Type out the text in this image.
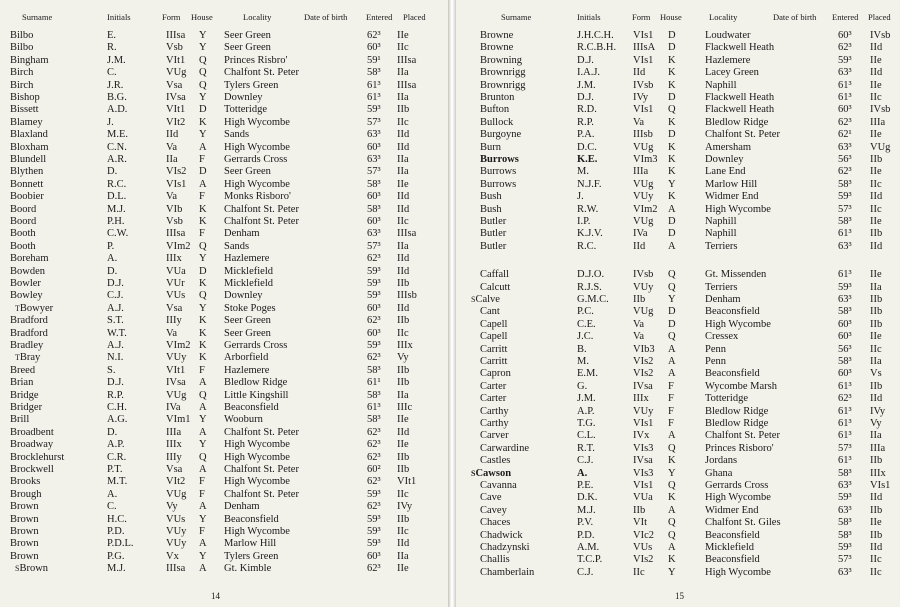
Surname	Initials	Form House	Locality	Date of birth Entered Placed
Bilbo	E.	IIIsa Y Seer Green	62³ IIe
Bilbo	R.	Vsb Y Seer Green	60³ IIc
Bingham	J.M.	VIt1 Q Princes Risbro'	59¹ IIIsa
Birch	C.	VUg Q Chalfont St. Peter	58³ IIa
Birch	J.R.	Vsa Q Tylers Green	61³ IIIsa
Bishop	B.G.	IVsa Y Downley	61³ IIa
Bissett	A.D.	VIt1 D Totteridge	59³ IIb
Blamey	J.	VIt2 K High Wycombe	57³ IIc
Blaxland	M.E.	IId Y Sands	63³ IId
Bloxham	C.N.	Va A High Wycombe	60³ IId
Blundell	A.R.	IIa F Gerrards Cross	63³ IIa
Blythen	D.	VIs2 D Seer Green	57³ IIa
Bonnett	R.C.	VIs1 A High Wycombe	58³ IIe
Boobier	D.L.	Va F Monks Risboro'	60³ IId
Boord	M.J.	VIb K Chalfont St. Peter	58³ IId
Boord	P.H.	Vsb K Chalfont St. Peter	60³ IIc
Booth	C.W.	IIIsa F Denham	63³ IIIsa
Booth	P.	VIm2 Q Sands	57³ IIa
Boreham	A.	IIIx Y Hazlemere	62³ IId
Bowden	D.	VUa D Micklefield	59³ IId
Bowler	D.J.	VUr K Micklefield	59³ IIb
Bowley	C.J.	VUs Q Downley	59³ IIIsb
TBowyer	A.J.	Vsa Y Stoke Poges	60³ IId
Bradford	S.T.	IIIy K Seer Green	62³ IIb
Bradford	W.T.	Va K Seer Green	60³ IIc
Bradley	A.J.	VIm2 K Gerrards Cross	59³ IIIx
TBray	N.I.	VUy K Arborfield	62³ Vy
Breed	S.	VIt1 F Hazlemere	58³ IIb
Brian	D.J.	IVsa A Bledlow Ridge	61¹ IIb
Bridge	R.P.	VUg Q Little Kingshill	58³ IIa
Bridger	C.H.	IVa A Beaconsfield	61³ IIIc
Brill	A.G.	VIm1 Y Wooburn	58³ IIe
Broadbent	D.	IIIa A Chalfont St. Peter	62³ IId
Broadway	A.P.	IIIx Y High Wycombe	62³ IIe
Brocklehurst	C.R.	IIIy Q High Wycombe	62³ IIb
Brockwell	P.T.	Vsa A Chalfont St. Peter	60² IIb
Brooks	M.T.	VIt2 F High Wycombe	62³ VIt1
Brough	A.	VUg F Chalfont St. Peter	59³ IIc
Brown	C.	Vy A Denham	62³ IVy
Brown	H.C.	VUs Y Beaconsfield	59³ IIb
Brown	P.D.	VUy F High Wycombe	59³ IIc
Brown	P.D.L.	VUy A Marlow Hill	59³ IId
Brown	P.G.	Vx Y Tylers Green	60³ IIa
SBrown	M.J.	IIIsa A Gt. Kimble	62³ IIe
14
Surname	Initials	Form House	Locality	Date of birth Entered Placed
Browne	J.H.C.H. VIs1 D	Loudwater	60³ IVsb
Browne	R.C.B.H. IIIsA D	Flackwell Heath	62³ IId
Browning	D.J.	VIs1 K	Hazlemere	59³ IIe
Brownrigg	I.A.J.	IId K	Lacey Green	63³ IId
Brownrigg	J.M.	IVsb K	Naphill	61³ IIe
Brunton	D.J.	IVy D	Flackwell Heath	61³ IIc
Bufton	R.D.	VIs1 Q	Flackwell Heath	60³ IVsb
Bullock	R.P.	Va K	Bledlow Ridge	62³ IIIa
Burgoyne	P.A.	IIIsb D	Chalfont St. Peter	62¹ IIe
Burn	D.C.	VUg K	Amersham	63³ VUg
Burrows	K.E.	VIm3 K	Downley	56³ IIb
Burrows	M.	IIIa K	Lane End	62³ IIe
Burrows	N.J.F.	VUg Y	Marlow Hill	58³ IIc
Bush	J.	VUy K	Widmer End	59³ IId
Bush	R.W.	VIm2 A	High Wycombe	57³ IIc
Butler	I.P.	VUg D	Naphill	58³ IIe
Butler	K.J.V.	IVa D	Naphill	61³ IIb
Butler	R.C.	IId A	Terriers	63³ IId
Caffall	D.J.O.	IVsb Q	Gt. Missenden	61³ IIe
Calcutt	R.J.S.	VUy Q	Terriers	59³ IIa
SCalve	G.M.C. IIb Y	Denham	63³ IIb
Cant	P.C.	VUg D	Beaconsfield	58³ IIb
Capell	C.E.	Va D	High Wycombe	60³ IIb
Capell	J.C.	Va Q	Cressex	60³ IIe
Carritt	B.	VIb3 A	Penn	56³ IIc
Carritt	M.	VIs2 A	Penn	58³ IIa
Capron	E.M.	VIs2 A	Beaconsfield	60³ Vs
Carter	G.	IVsa F	Wycombe Marsh	61³ IIb
Carter	J.M.	IIIx F	Totteridge	62³ IId
Carthy	A.P.	VUy F	Bledlow Ridge	61³ IVy
Carthy	T.G.	VIs1 F	Bledlow Ridge	61³ Vy
Carver	C.L.	IVx A	Chalfont St. Peter	61³ IIa
Carwardine	R.T.	VIs3 Q	Princes Risboro'	57³ IIIa
Castles	C.J.	IVsa K	Jordans	61³ IIb
SCawson	A.	VIs3 Y	Ghana	58³ IIIx
Cavanna	P.E.	VIs1 Q	Gerrards Cross	63³ VIs1
Cave	D.K.	VUa K	High Wycombe	59³ IId
Cavey	M.J.	IIb A	Widmer End	63³ IIb
Chaces	P.V.	VIt Q	Chalfont St. Giles	58³ IIe
Chadwick	P.D.	VIc2 Q	Beaconsfield	58³ IIb
Chadzynski	A.M.	VUs A	Micklefield	59³ IId
Challis	T.C.P.	VIs2 K	Beaconsfield	57³ IIc
Chamberlain	C.J.	IIc Y	High Wycombe	63³ IIc
15
